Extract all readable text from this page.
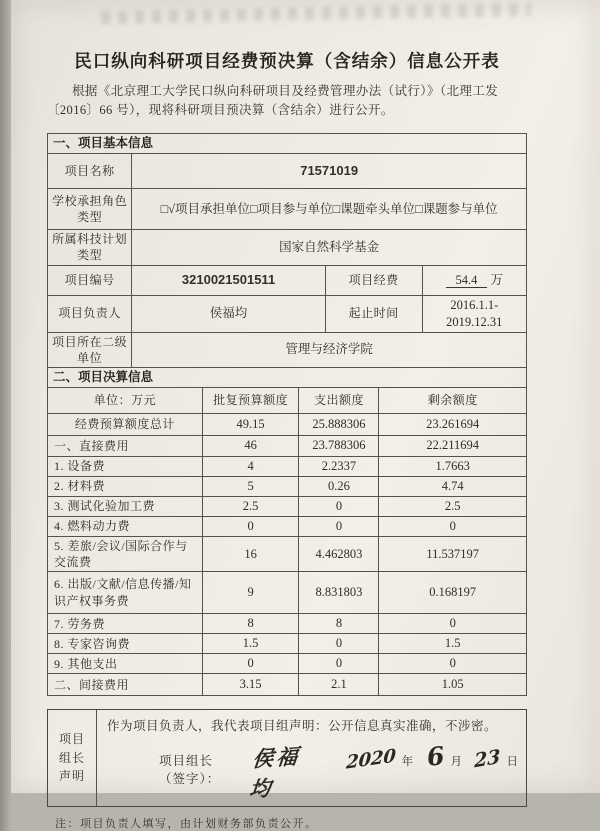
民口纵向科研项目经费预决算（含结余）信息公开表

根据《北京理工大学民口纵向科研项目及经费管理办法（试行）》（北理工发〔2016〕66 号），现将科研项目预决算（含结余）进行公开。

一、项目基本信息			
项目名称	71571019		
学校承担角色类型	□√项目承担单位□项目参与单位□课题牵头单位□课题参与单位		
所属科技计划类型	国家自然科学基金		
项目编号	3210021501511	项目经费	54.4 万
项目负责人	侯福均	起止时间	2016.1.1-2019.12.31
项目所在二级单位	管理与经济学院		
二、项目决算信息			
单位：万元	批复预算额度	支出额度	剩余额度
经费预算额度总计	49.15	25.888306	23.261694
一、直接费用	46	23.788306	22.211694
1. 设备费	4	2.2337	1.7663
2. 材料费	5	0.26	4.74
3. 测试化验加工费	2.5	0	2.5
4. 燃料动力费	0	0	0
5. 差旅/会议/国际合作与交流费	16	4.462803	11.537197
6. 出版/文献/信息传播/知识产权事务费	9	8.831803	0.168197
7. 劳务费	8	8	0
8. 专家咨询费	1.5	0	1.5
9. 其他支出	0	0	0
二、间接费用	3.15	2.1	1.05
项目
组长
声明
作为项目负责人，我代表项目组声明：公开信息真实准确，不涉密。
项目组长（签字）：
侯福均
2020 年 6 月 23 日
注：项目负责人填写，由计划财务部负责公开。
